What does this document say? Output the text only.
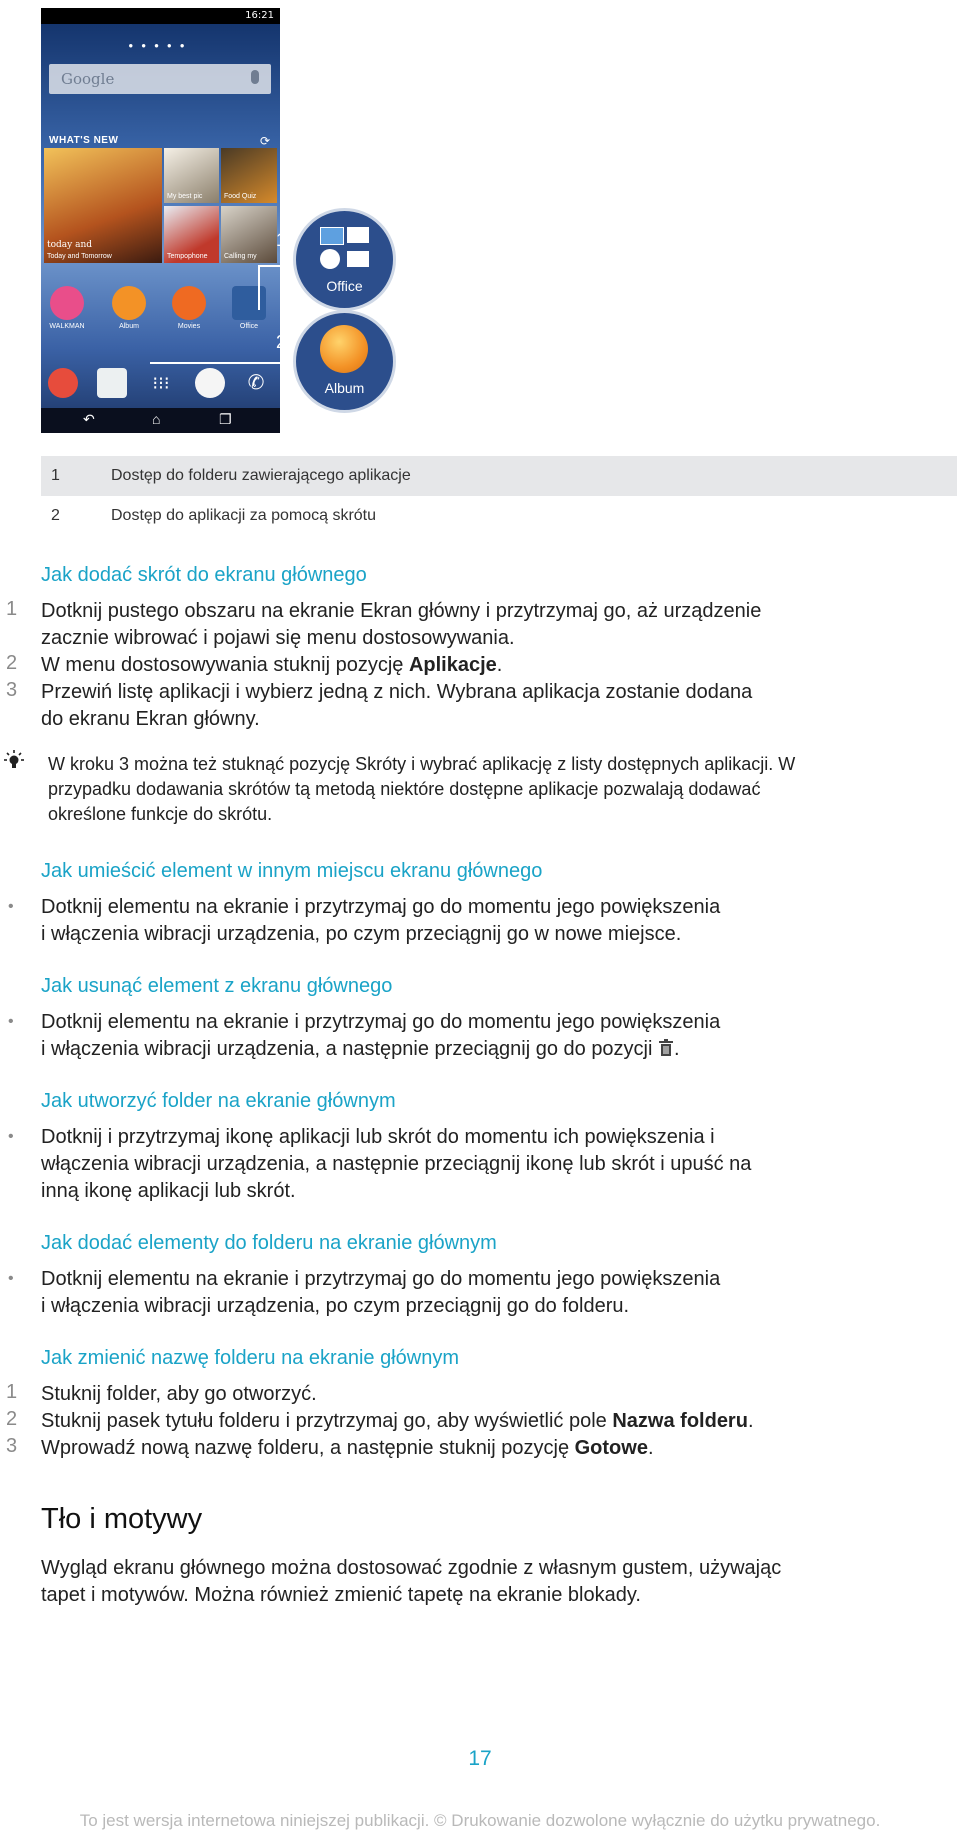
16:21
●●●●●
Google
WHAT'S NEW	⟳
today and
Today and Tomorrow
My best pic	Food Quiz
Tempophone Calling my
WALKMAN	Album	Movies	Office
⁝⁝⁝	✆
↶	⌂	❐
1
2
Office
Album
1	Dostęp do folderu zawierającego aplikacje
2	Dostęp do aplikacji za pomocą skrótu
Jak dodać skrót do ekranu głównego
1 Dotknij pustego obszaru na ekranie Ekran główny i przytrzymaj go, aż urządzenie
zacznie wibrować i pojawi się menu dostosowywania.
2 W menu dostosowywania stuknij pozycję Aplikacje.
3 Przewiń listę aplikacji i wybierz jedną z nich. Wybrana aplikacja zostanie dodana
do ekranu Ekran główny.
W kroku 3 można też stuknąć pozycję Skróty i wybrać aplikację z listy dostępnych aplikacji. W
przypadku dodawania skrótów tą metodą niektóre dostępne aplikacje pozwalają dodawać
określone funkcje do skrótu.
Jak umieścić element w innym miejscu ekranu głównego
• Dotknij elementu na ekranie i przytrzymaj go do momentu jego powiększenia
i włączenia wibracji urządzenia, po czym przeciągnij go w nowe miejsce.
Jak usunąć element z ekranu głównego
• Dotknij elementu na ekranie i przytrzymaj go do momentu jego powiększenia
i włączenia wibracji urządzenia, a następnie przeciągnij go do pozycji .
Jak utworzyć folder na ekranie głównym
• Dotknij i przytrzymaj ikonę aplikacji lub skrót do momentu ich powiększenia i
włączenia wibracji urządzenia, a następnie przeciągnij ikonę lub skrót i upuść na
inną ikonę aplikacji lub skrót.
Jak dodać elementy do folderu na ekranie głównym
• Dotknij elementu na ekranie i przytrzymaj go do momentu jego powiększenia
i włączenia wibracji urządzenia, po czym przeciągnij go do folderu.
Jak zmienić nazwę folderu na ekranie głównym
1 Stuknij folder, aby go otworzyć.
2 Stuknij pasek tytułu folderu i przytrzymaj go, aby wyświetlić pole Nazwa folderu.
3 Wprowadź nową nazwę folderu, a następnie stuknij pozycję Gotowe.
Tło i motywy
Wygląd ekranu głównego można dostosować zgodnie z własnym gustem, używając
tapet i motywów. Można również zmienić tapetę na ekranie blokady.
17
To jest wersja internetowa niniejszej publikacji. © Drukowanie dozwolone wyłącznie do użytku prywatnego.
